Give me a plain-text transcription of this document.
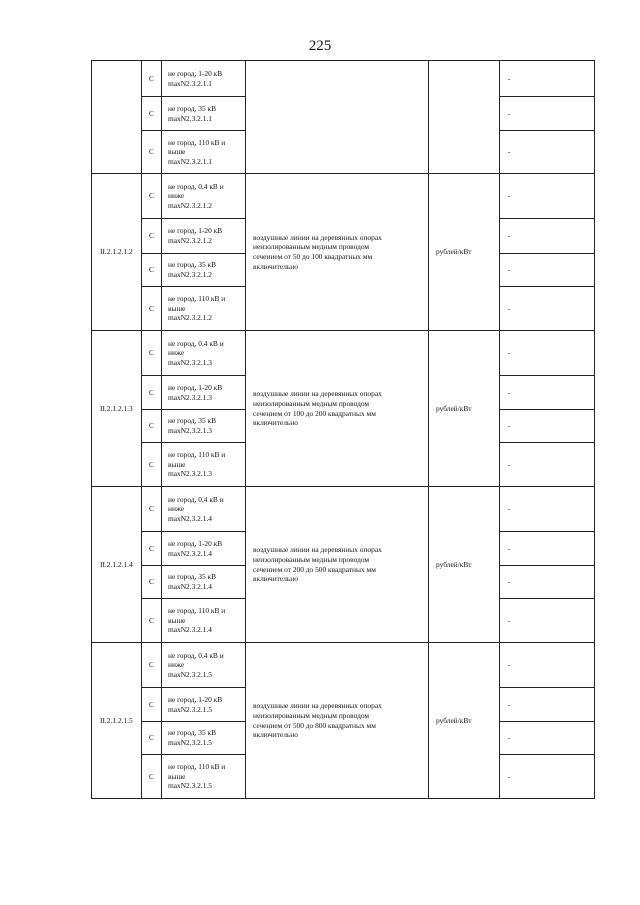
225
	С	не город, 1-20 кВ
maxN2.3.2.1.1			-
	С	не город, 35 кВ
maxN2.3.2.1.1			-
	С	не город, 110 кВ и
выше
maxN2.3.2.1.1			-
II.2.1.2.1.2	С	не город, 0,4 кВ и
ниже
maxN2.3.2.1.2	воздушные линии на деревянных опорах
неизолированным медным проводом
сечением от 50 до 100 квадратных мм
включительно	рублей/кВт	-
	С	не город, 1-20 кВ
maxN2.3.2.1.2			-
	С	не город, 35 кВ
maxN2.3.2.1.2			-
	С	не город, 110 кВ и
выше
maxN2.3.2.1.2			-
II.2.1.2.1.3	С	не город, 0,4 кВ и
ниже
maxN2.3.2.1.3	воздушные линии на деревянных опорах
неизолированным медным проводом
сечением от 100 до 200 квадратных мм
включительно	рублей/кВт	-
	С	не город, 1-20 кВ
maxN2.3.2.1.3			-
	С	не город, 35 кВ
maxN2.3.2.1.3			-
	С	не город, 110 кВ и
выше
maxN2.3.2.1.3			-
II.2.1.2.1.4	С	не город, 0,4 кВ и
ниже
maxN2.3.2.1.4	воздушные линии на деревянных опорах
неизолированным медным проводом
сечением от 200 до 500 квадратных мм
включительно	рублей/кВт	-
	С	не город, 1-20 кВ
maxN2.3.2.1.4			-
	С	не город, 35 кВ
maxN2.3.2.1.4			-
	С	не город, 110 кВ и
выше
maxN2.3.2.1.4			-
II.2.1.2.1.5	С	не город, 0,4 кВ и
ниже
maxN2.3.2.1.5	воздушные линии на деревянных опорах
неизолированным медным проводом
сечением от 500 до 800 квадратных мм
включительно	рублей/кВт	-
	С	не город, 1-20 кВ
maxN2.3.2.1.5			-
	С	не город, 35 кВ
maxN2.3.2.1.5			-
	С	не город, 110 кВ и
выше
maxN2.3.2.1.5			-
